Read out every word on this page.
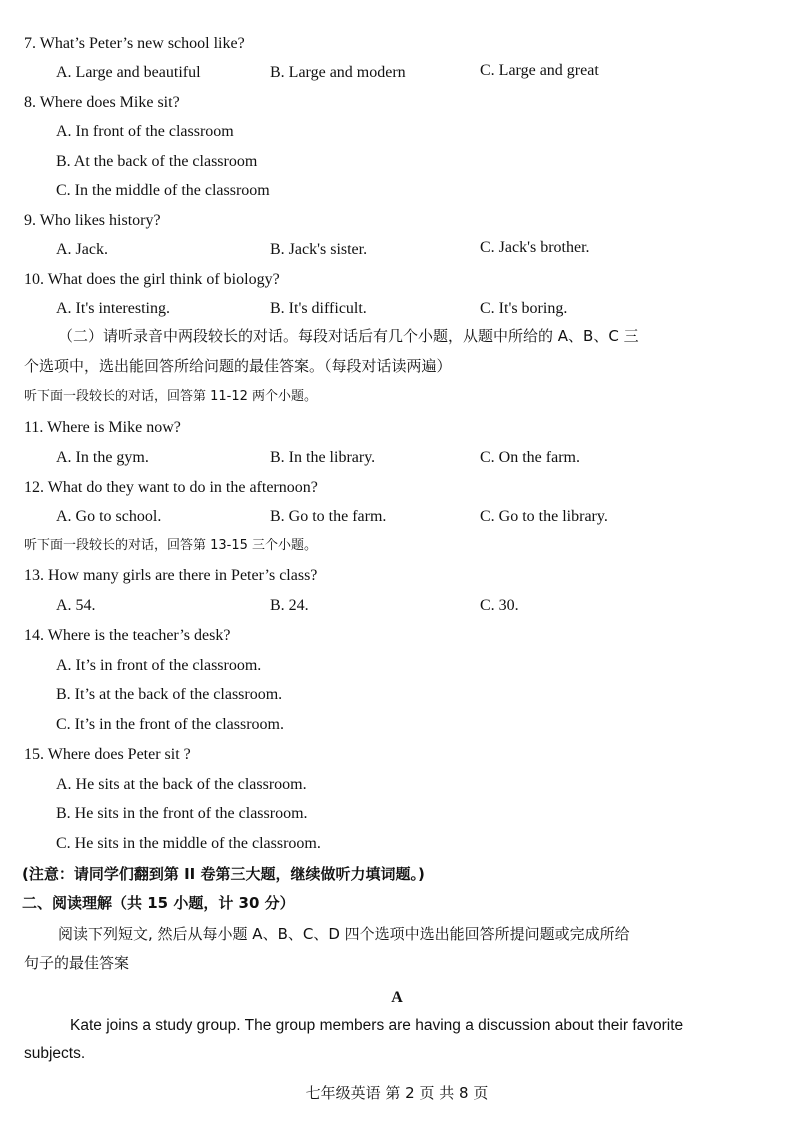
7. What’s Peter’s new school like?
A. Large and beautiful	B. Large and modern	C. Large and great
8. Where does Mike sit?
A. In front of the classroom
B. At the back of the classroom
C. In the middle of the classroom
9. Who likes history?
A. Jack.	B. Jack's sister.	C. Jack's brother.
10. What does the girl think of biology?
A. It's interesting.	B. It's difficult.	C. It's boring.
（二）请听录音中两段较长的对话。每段对话后有几个小题，从题中所给的 A、B、C 三
个选项中，选出能回答所给问题的最佳答案。（每段对话读两遍）
听下面一段较长的对话，回答第 11-12 两个小题。
11. Where is Mike now?
A. In the gym.	B. In the library.	C. On the farm.
12. What do they want to do in the afternoon?
A. Go to school.	B. Go to the farm.	C. Go to the library.
听下面一段较长的对话，回答第 13-15 三个小题。
13. How many girls are there in Peter’s class?
A. 54.	B. 24.	C. 30.
14. Where is the teacher’s desk?
A. It’s in front of the classroom.
B. It’s at the back of the classroom.
C. It’s in the front of the classroom.
15. Where does Peter sit ?
A. He sits at the back of the classroom.
B. He sits in the front of the classroom.
C. He sits in the middle of the classroom.
(注意：请同学们翻到第 II 卷第三大题，继续做听力填词题。)
二、阅读理解（共 15 小题，计 30 分）
阅读下列短文, 然后从每小题 A、B、C、D 四个选项中选出能回答所提问题或完成所给
句子的最佳答案
A
Kate joins a study group. The group members are having a discussion about their favorite
subjects.
七年级英语 第 2 页 共 8 页
